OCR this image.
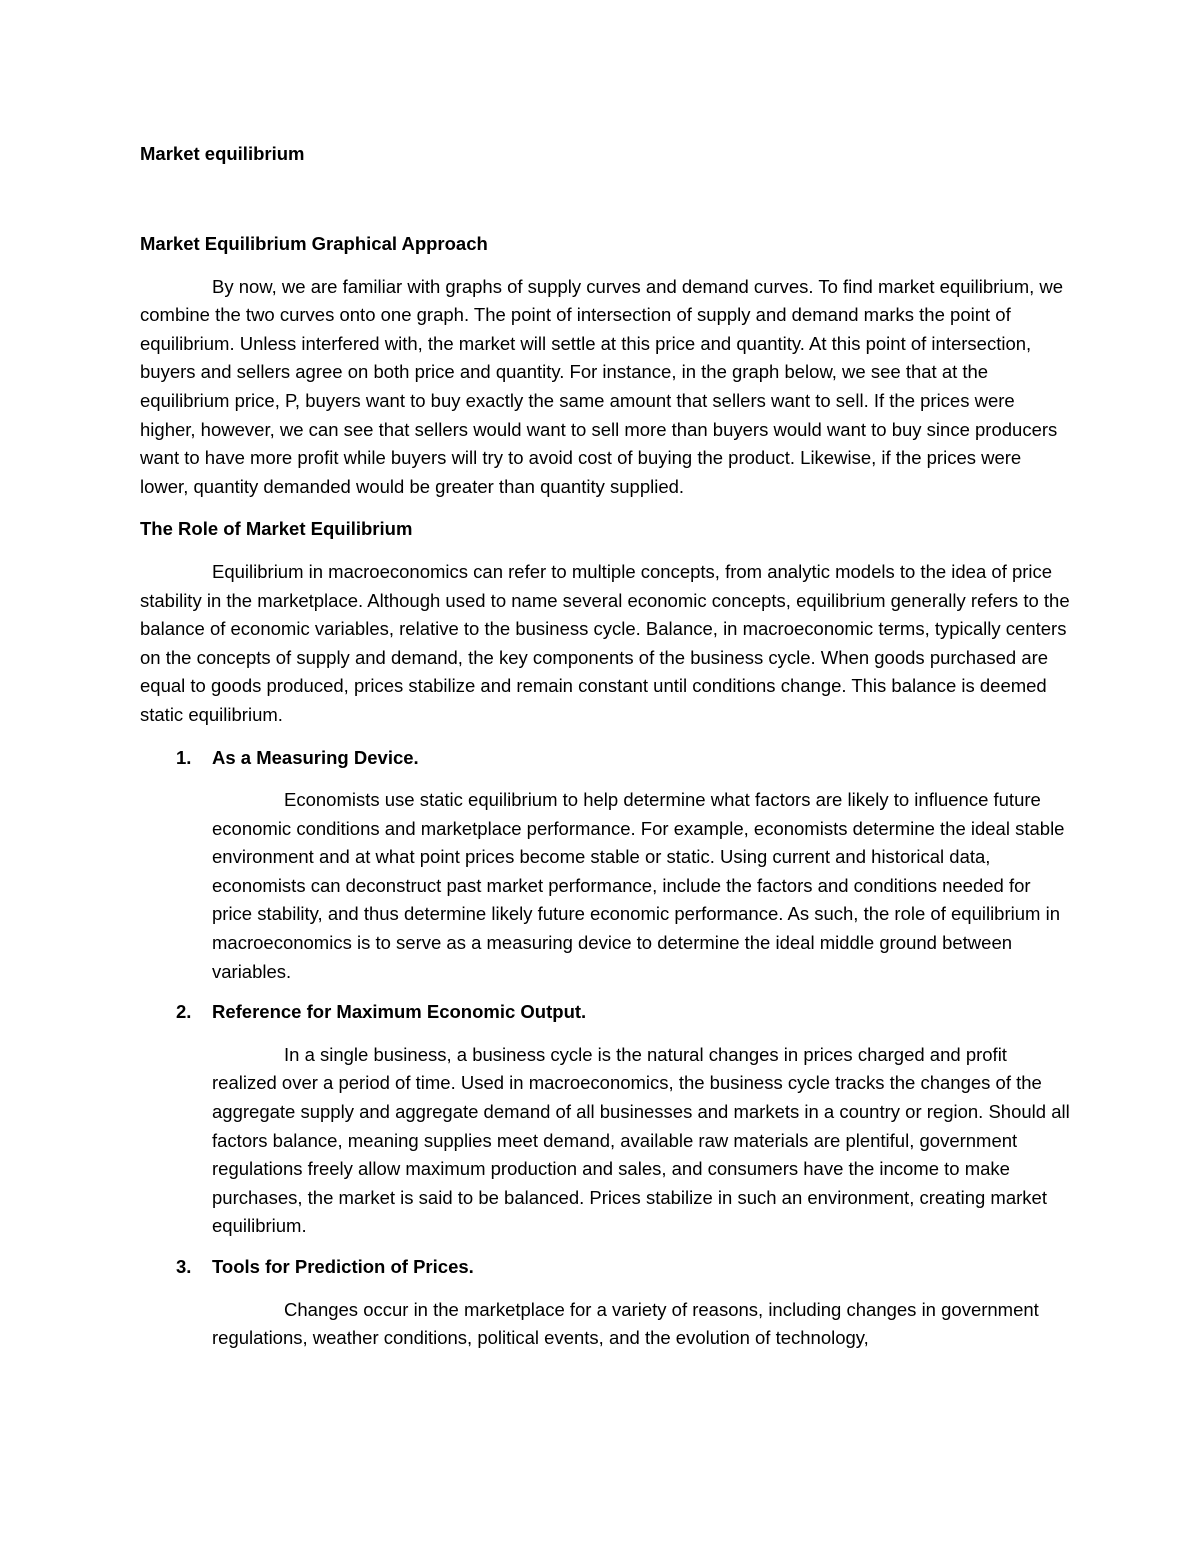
Market equilibrium

Market Equilibrium Graphical Approach

By now, we are familiar with graphs of supply curves and demand curves. To find market equilibrium, we combine the two curves onto one graph. The point of intersection of supply and demand marks the point of equilibrium. Unless interfered with, the market will settle at this price and quantity. At this point of intersection, buyers and sellers agree on both price and quantity. For instance, in the graph below, we see that at the equilibrium price, P, buyers want to buy exactly the same amount that sellers want to sell. If the prices were higher, however, we can see that sellers would want to sell more than buyers would want to buy since producers want to have more profit while buyers will try to avoid cost of buying the product. Likewise, if the prices were lower, quantity demanded would be greater than quantity supplied.

The Role of Market Equilibrium

Equilibrium in macroeconomics can refer to multiple concepts, from analytic models to the idea of price stability in the marketplace. Although used to name several economic concepts, equilibrium generally refers to the balance of economic variables, relative to the business cycle. Balance, in macroeconomic terms, typically centers on the concepts of supply and demand, the key components of the business cycle. When goods purchased are equal to goods produced, prices stabilize and remain constant until conditions change. This balance is deemed static equilibrium.

1.	As a Measuring Device.

Economists use static equilibrium to help determine what factors are likely to influence future economic conditions and marketplace performance. For example, economists determine the ideal stable environment and at what point prices become stable or static. Using current and historical data, economists can deconstruct past market performance, include the factors and conditions needed for price stability, and thus determine likely future economic performance. As such, the role of equilibrium in macroeconomics is to serve as a measuring device to determine the ideal middle ground between variables.

2.	Reference for Maximum Economic Output.

In a single business, a business cycle is the natural changes in prices charged and profit realized over a period of time. Used in macroeconomics, the business cycle tracks the changes of the aggregate supply and aggregate demand of all businesses and markets in a country or region. Should all factors balance, meaning supplies meet demand, available raw materials are plentiful, government regulations freely allow maximum production and sales, and consumers have the income to make purchases, the market is said to be balanced. Prices stabilize in such an environment, creating market equilibrium.

3.	Tools for Prediction of Prices.

Changes occur in the marketplace for a variety of reasons, including changes in government regulations, weather conditions, political events, and the evolution of technology,
